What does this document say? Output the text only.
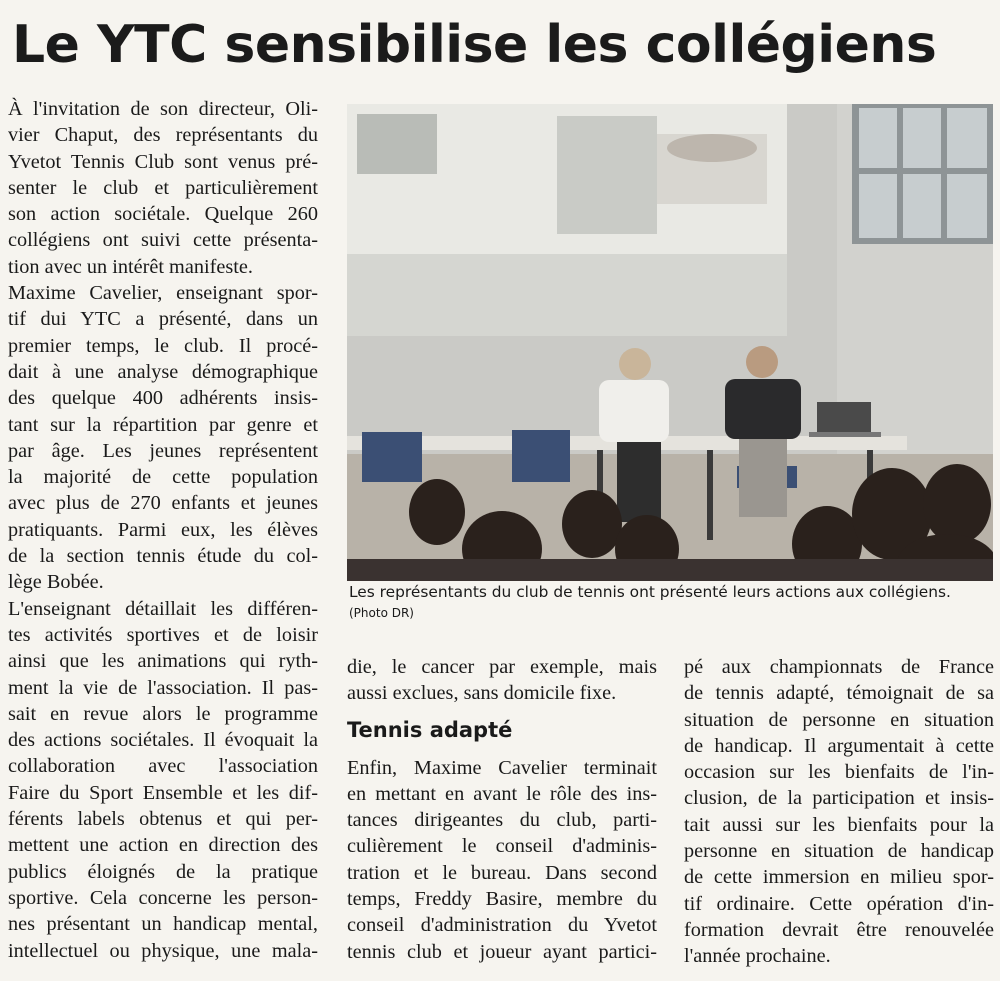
Le YTC sensibilise les collégiens
À l'invitation de son directeur, Oli-
vier Chaput, des représentants du
Yvetot Tennis Club sont venus pré-
senter le club et particulièrement
son action sociétale. Quelque 260
collégiens ont suivi cette présenta-
tion avec un intérêt manifeste.
Maxime Cavelier, enseignant spor-
tif dui YTC a présenté, dans un
premier temps, le club. Il procé-
dait à une analyse démographique
des quelque 400 adhérents insis-
tant sur la répartition par genre et
par âge. Les jeunes représentent
la majorité de cette population
avec plus de 270 enfants et jeunes
pratiquants. Parmi eux, les élèves
de la section tennis étude du col-
lège Bobée.
L'enseignant détaillait les différen-
tes activités sportives et de loisir
ainsi que les animations qui ryth-
ment la vie de l'association. Il pas-
sait en revue alors le programme
des actions sociétales. Il évoquait la
collaboration avec l'association
Faire du Sport Ensemble et les dif-
férents labels obtenus et qui per-
mettent une action en direction des
publics éloignés de la pratique
sportive. Cela concerne les person-
nes présentant un handicap mental,
intellectuel ou physique, une mala-
Les représentants du club de tennis ont présenté leurs actions aux collégiens. (Photo DR)
die, le cancer par exemple, mais
aussi exclues, sans domicile fixe.
Tennis adapté
Enfin, Maxime Cavelier terminait
en mettant en avant le rôle des ins-
tances dirigeantes du club, parti-
culièrement le conseil d'adminis-
tration et le bureau. Dans second
temps, Freddy Basire, membre du
conseil d'administration du Yvetot
tennis club et joueur ayant partici-
pé aux championnats de France
de tennis adapté, témoignait de sa
situation de personne en situation
de handicap. Il argumentait à cette
occasion sur les bienfaits de l'in-
clusion, de la participation et insis-
tait aussi sur les bienfaits pour la
personne en situation de handicap
de cette immersion en milieu spor-
tif ordinaire. Cette opération d'in-
formation devrait être renouvelée
l'année prochaine.
